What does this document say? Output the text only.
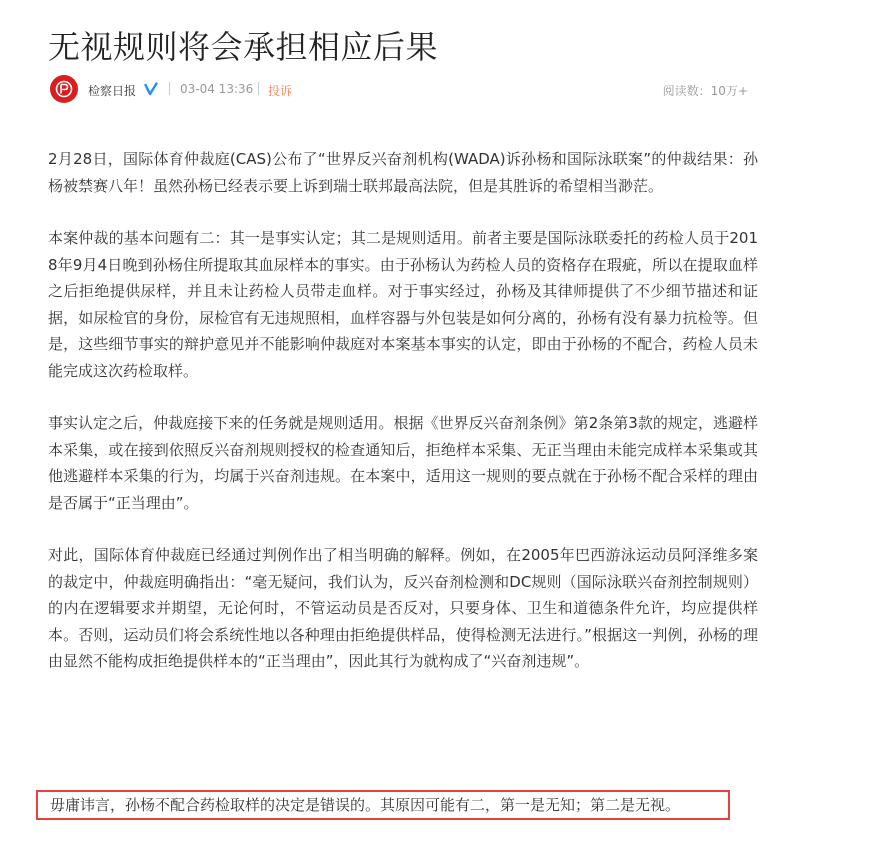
无视规则将会承担相应后果
检察日报	03-04 13:36 投诉	阅读数：10万+

2月28日，国际体育仲裁庭(CAS)公布了“世界反兴奋剂机构(WADA)诉孙杨和国际泳联案”的仲裁结果：孙杨被禁赛八年！虽然孙杨已经表示要上诉到瑞士联邦最高法院，但是其胜诉的希望相当渺茫。

本案仲裁的基本问题有二：其一是事实认定；其二是规则适用。前者主要是国际泳联委托的药检人员于2018年9月4日晚到孙杨住所提取其血尿样本的事实。由于孙杨认为药检人员的资格存在瑕疵，所以在提取血样之后拒绝提供尿样，并且未让药检人员带走血样。对于事实经过，孙杨及其律师提供了不少细节描述和证据，如尿检官的身份，尿检官有无违规照相，血样容器与外包装是如何分离的，孙杨有没有暴力抗检等。但是，这些细节事实的辩护意见并不能影响仲裁庭对本案基本事实的认定，即由于孙杨的不配合，药检人员未能完成这次药检取样。

事实认定之后，仲裁庭接下来的任务就是规则适用。根据《世界反兴奋剂条例》第2条第3款的规定，逃避样本采集，或在接到依照反兴奋剂规则授权的检查通知后，拒绝样本采集、无正当理由未能完成样本采集或其他逃避样本采集的行为，均属于兴奋剂违规。在本案中，适用这一规则的要点就在于孙杨不配合采样的理由是否属于“正当理由”。

对此，国际体育仲裁庭已经通过判例作出了相当明确的解释。例如，在2005年巴西游泳运动员阿泽维多案的裁定中，仲裁庭明确指出：“毫无疑问，我们认为，反兴奋剂检测和DC规则（国际泳联兴奋剂控制规则）的内在逻辑要求并期望，无论何时，不管运动员是否反对，只要身体、卫生和道德条件允许，均应提供样本。否则，运动员们将会系统性地以各种理由拒绝提供样品，使得检测无法进行。”根据这一判例，孙杨的理由显然不能构成拒绝提供样本的“正当理由”，因此其行为就构成了“兴奋剂违规”。

毋庸讳言，孙杨不配合药检取样的决定是错误的。其原因可能有二，第一是无知；第二是无视。
